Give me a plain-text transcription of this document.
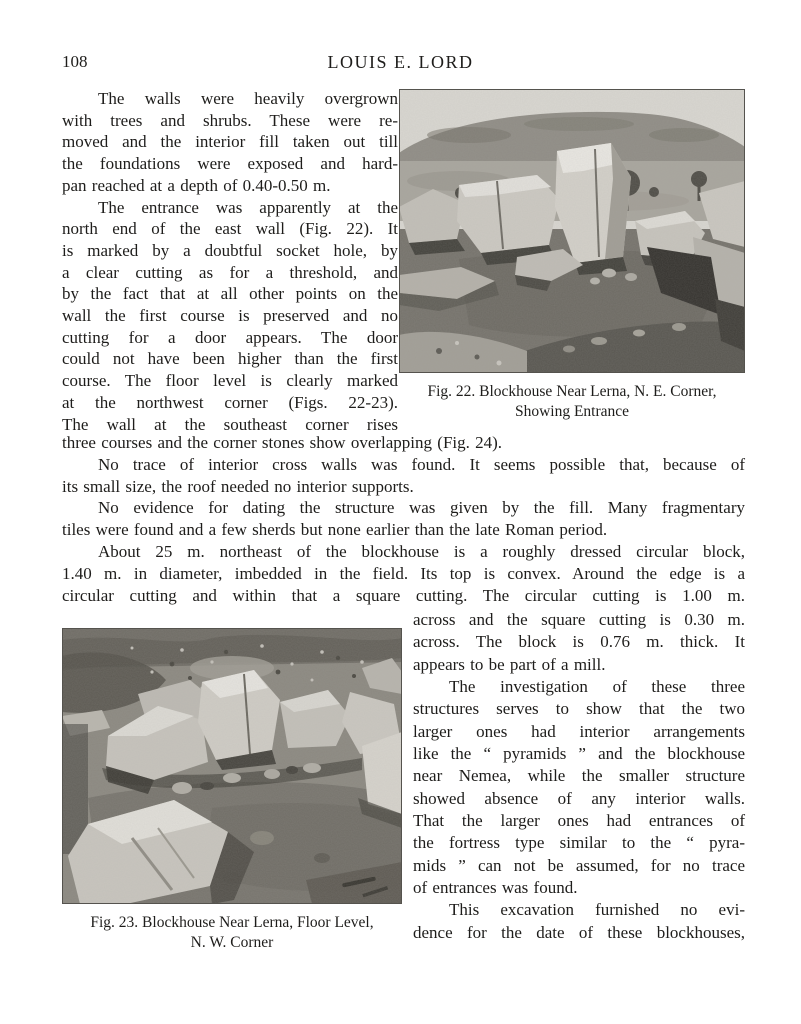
108	LOUIS E. LORD
The walls were heavily overgrown
with trees and shrubs. These were re-
moved and the interior fill taken out till
the foundations were exposed and hard-
pan reached at a depth of 0.40-0.50 m.
The entrance was apparently at the
north end of the east wall (Fig. 22). It
is marked by a doubtful socket hole, by
a clear cutting as for a threshold, and
by the fact that at all other points on the
wall the first course is preserved and no
cutting for a door appears. The door
could not have been higher than the first
course. The floor level is clearly marked
at the northwest corner (Figs. 22-23).
The wall at the southeast corner rises
Fig. 22. Blockhouse Near Lerna, N. E. Corner,
Showing Entrance
three courses and the corner stones show overlapping (Fig. 24).
No trace of interior cross walls was found. It seems possible that, because of
its small size, the roof needed no interior supports.
No evidence for dating the structure was given by the fill. Many fragmentary
tiles were found and a few sherds but none earlier than the late Roman period.
About 25 m. northeast of the blockhouse is a roughly dressed circular block,
1.40 m. in diameter, imbedded in the field. Its top is convex. Around the edge is a
circular cutting and within that a square cutting. The circular cutting is 1.00 m.
Fig. 23. Blockhouse Near Lerna, Floor Level,
N. W. Corner
across and the square cutting is 0.30 m.
across. The block is 0.76 m. thick. It
appears to be part of a mill.
The investigation of these three
structures serves to show that the two
larger ones had interior arrangements
like the “ pyramids ” and the blockhouse
near Nemea, while the smaller structure
showed absence of any interior walls.
That the larger ones had entrances of
the fortress type similar to the “ pyra-
mids ” can not be assumed, for no trace
of entrances was found.
This excavation furnished no evi-
dence for the date of these blockhouses,
